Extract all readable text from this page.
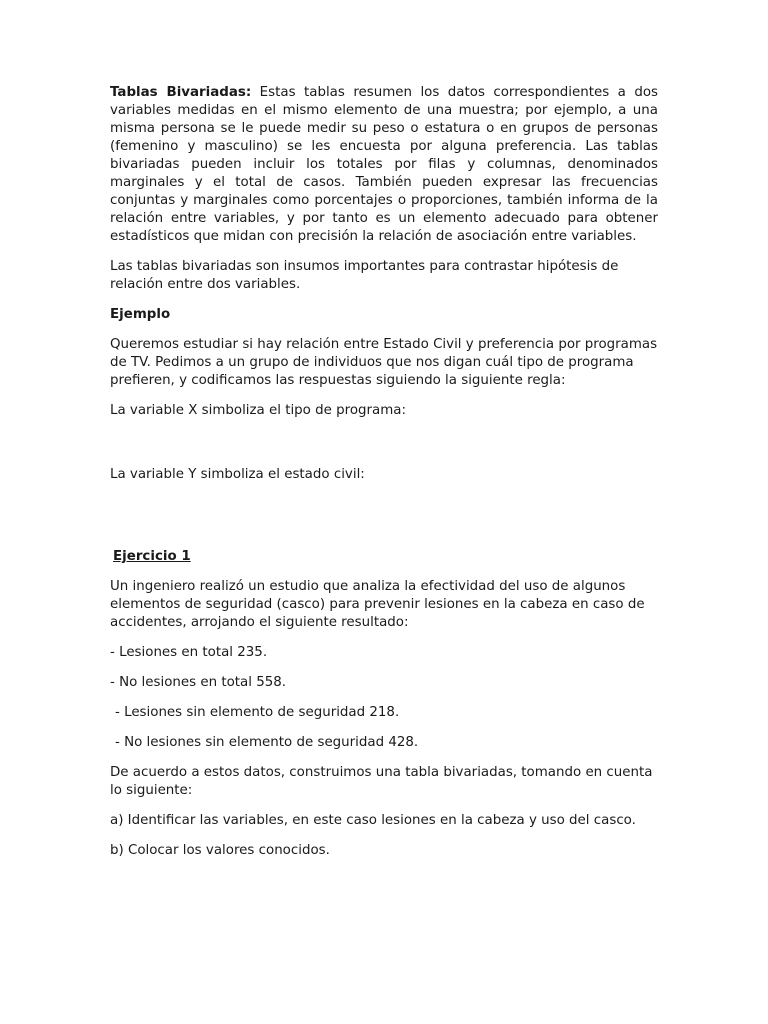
Tablas Bivariadas: Estas tablas resumen los datos correspondientes a dos variables medidas en el mismo elemento de una muestra; por ejemplo, a una misma persona se le puede medir su peso o estatura o en grupos de personas (femenino y masculino) se les encuesta por alguna preferencia. Las tablas bivariadas pueden incluir los totales por filas y columnas, denominados marginales y el total de casos. También pueden expresar las frecuencias conjuntas y marginales como porcentajes o proporciones, también informa de la relación entre variables, y por tanto es un elemento adecuado para obtener estadísticos que midan con precisión la relación de asociación entre variables.

Las tablas bivariadas son insumos importantes para contrastar hipótesis de relación entre dos variables.

Ejemplo

Queremos estudiar si hay relación entre Estado Civil y preferencia por programas de TV. Pedimos a un grupo de individuos que nos digan cuál tipo de programa prefieren, y codificamos las respuestas siguiendo la siguiente regla:

La variable X simboliza el tipo de programa:

La variable Y simboliza el estado civil:

Ejercicio 1

Un ingeniero realizó un estudio que analiza la efectividad del uso de algunos elementos de seguridad (casco) para prevenir lesiones en la cabeza en caso de accidentes, arrojando el siguiente resultado:

- Lesiones en total 235.

- No lesiones en total 558.

- Lesiones sin elemento de seguridad 218.

- No lesiones sin elemento de seguridad 428.

De acuerdo a estos datos, construimos una tabla bivariadas, tomando en cuenta lo siguiente:

a) Identificar las variables, en este caso lesiones en la cabeza y uso del casco.

b) Colocar los valores conocidos.
